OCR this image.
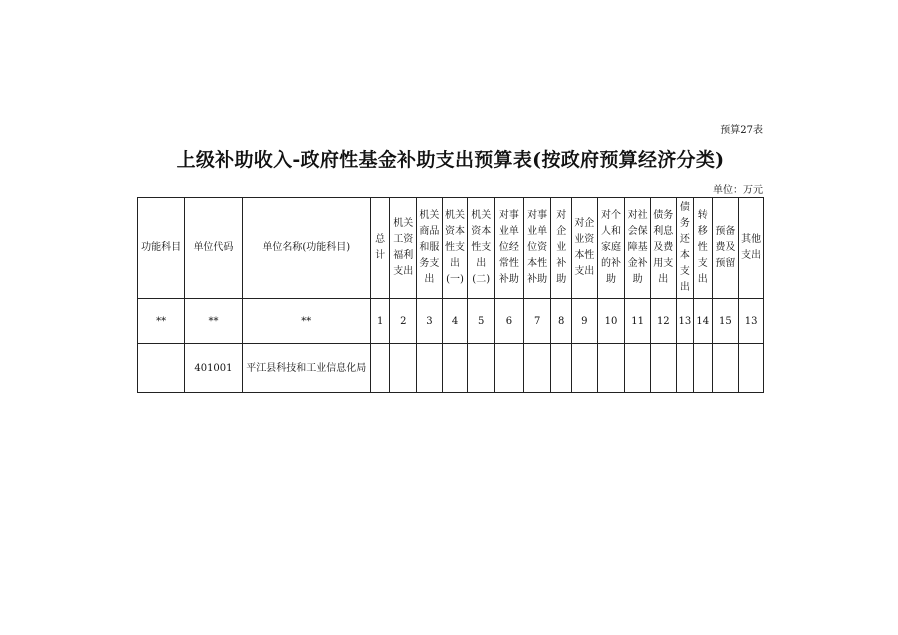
预算27表
上级补助收入-政府性基金补助支出预算表(按政府预算经济分类)
单位：万元
功能科目	单位代码	单位名称(功能科目)	总计	机关工资福利支出	机关商品和服务支出	机关资本性支出(一)	机关资本性支出(二)	对事业单位经常性补助	对事业单位资本性补助	对企业补助	对企业资本性支出	对个人和家庭的补助	对社会保障基金补助	债务利息及费用支出	债务还本支出	转移性支出	预备费及预留	其他支出

**	**	**	1	2	3	4	5	6	7	8	9	10	11	12	13	14	15	13
	401001	平江县科技和工业信息化局																
